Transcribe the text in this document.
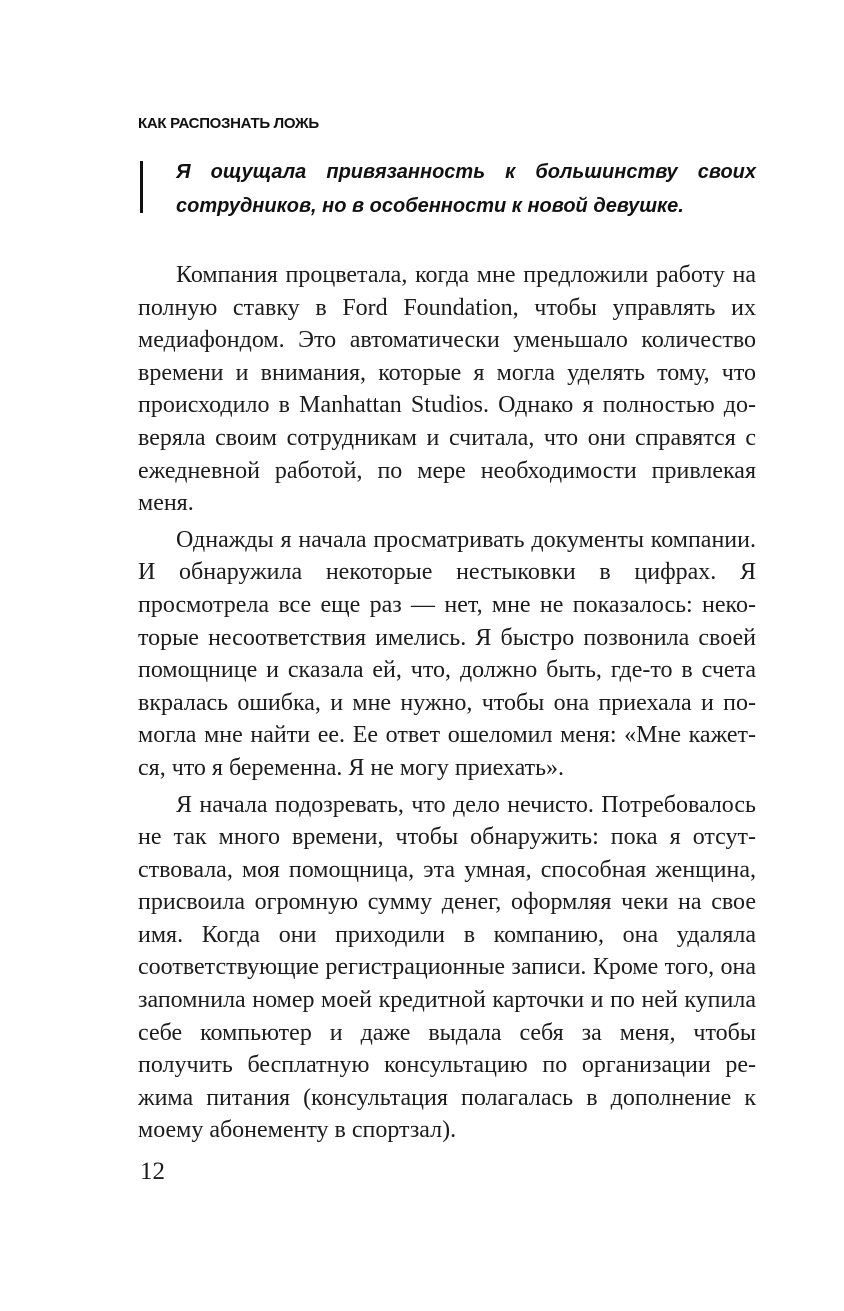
КАК РАСПОЗНАТЬ ЛОЖЬ

Я ощущала привязанность к большинству своих сотрудников, но в особенности к новой девушке.

Компания процветала, когда мне предложили работу на полную ставку в Ford Foundation, чтобы управлять их медиафондом. Это автоматически уменьшало количество времени и внимания, которые я могла уделять тому, что происходило в Manhattan Studios. Однако я полностью доверяла своим сотрудникам и считала, что они справятся с ежедневной работой, по мере необходимости привлекая меня.

Однажды я начала просматривать документы компании. И обнаружила некоторые нестыковки в цифрах. Я просмотрела все еще раз — нет, мне не показалось: некоторые несоответствия имелись. Я быстро позвонила своей помощнице и сказала ей, что, должно быть, где-то в счета вкралась ошибка, и мне нужно, чтобы она приехала и помогла мне найти ее. Ее ответ ошеломил меня: «Мне кажется, что я беременна. Я не могу приехать».

Я начала подозревать, что дело нечисто. Потребовалось не так много времени, чтобы обнаружить: пока я отсутствовала, моя помощница, эта умная, способная женщина, присвоила огромную сумму денег, оформляя чеки на свое имя. Когда они приходили в компанию, она удаляла соответствующие регистрационные записи. Кроме того, она запомнила номер моей кредитной карточки и по ней купила себе компьютер и даже выдала себя за меня, чтобы получить бесплатную консультацию по организации режима питания (консультация полагалась в дополнение к моему абонементу в спортзал).

12
